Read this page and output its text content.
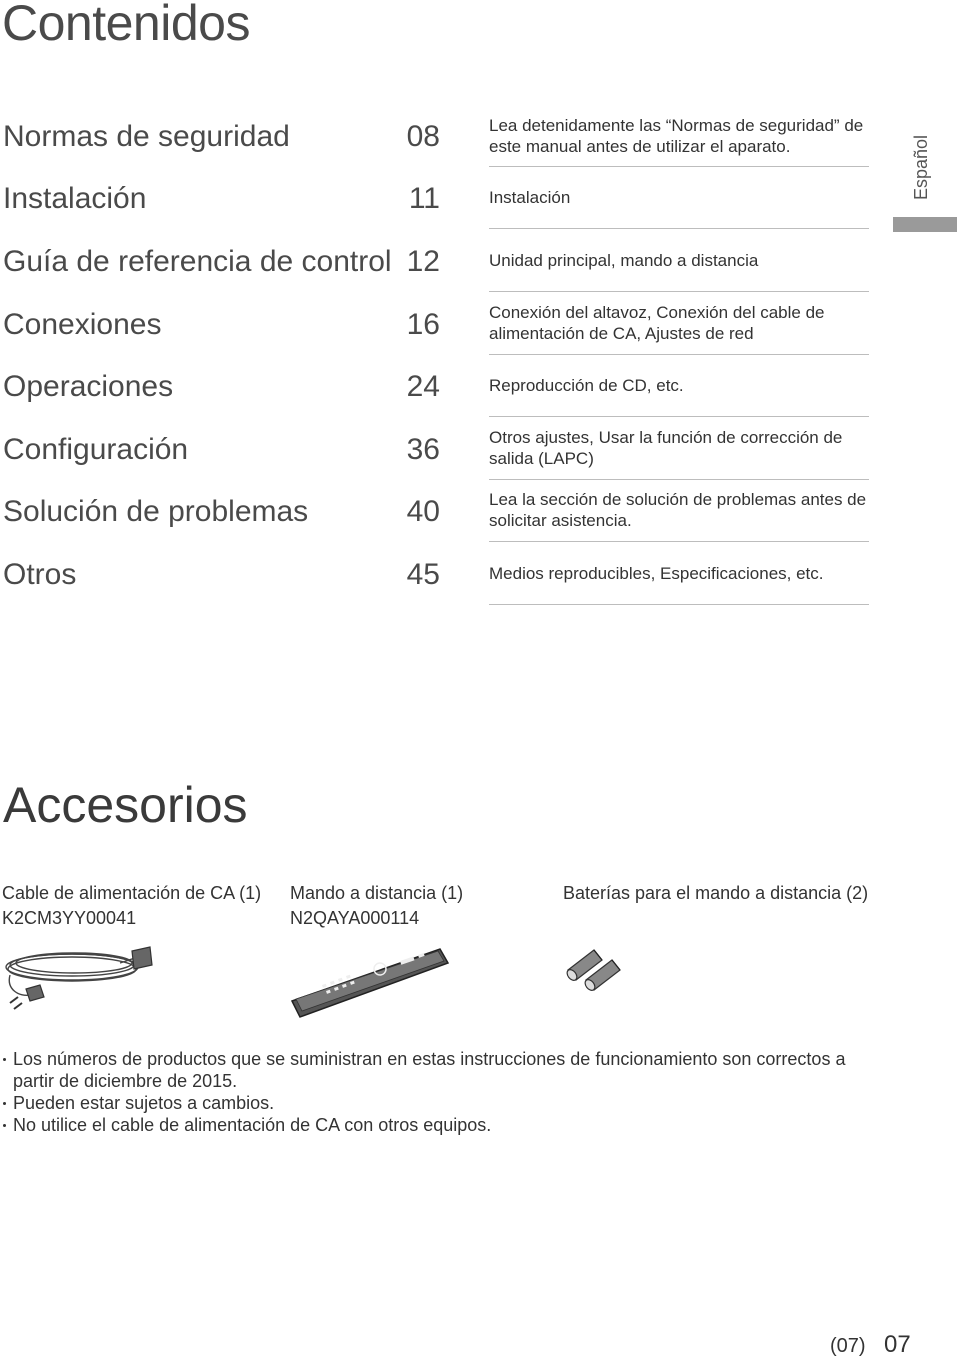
Contenidos
Español
Normas de seguridad	08	Lea detenidamente las “Normas de seguridad” de este manual antes de utilizar el aparato.
Instalación	11	Instalación
Guía de referencia de control 12	Unidad principal, mando a distancia
Conexiones	16	Conexión del altavoz, Conexión del cable de alimentación de CA, Ajustes de red
Operaciones	24	Reproducción de CD, etc.
Configuración	36	Otros ajustes, Usar la función de corrección de salida (LAPC)
Solución de problemas	40	Lea la sección de solución de problemas antes de solicitar asistencia.
Otros	45	Medios reproducibles, Especificaciones, etc.
Accesorios
Cable de alimentación de CA (1)
K2CM3YY00041
Mando a distancia (1)
N2QAYA000114
Baterías para el mando a distancia (2)
Los números de productos que se suministran en estas instrucciones de funcionamiento son correctos a partir de diciembre de 2015.
Pueden estar sujetos a cambios.
No utilice el cable de alimentación de CA con otros equipos.
(07) 07
